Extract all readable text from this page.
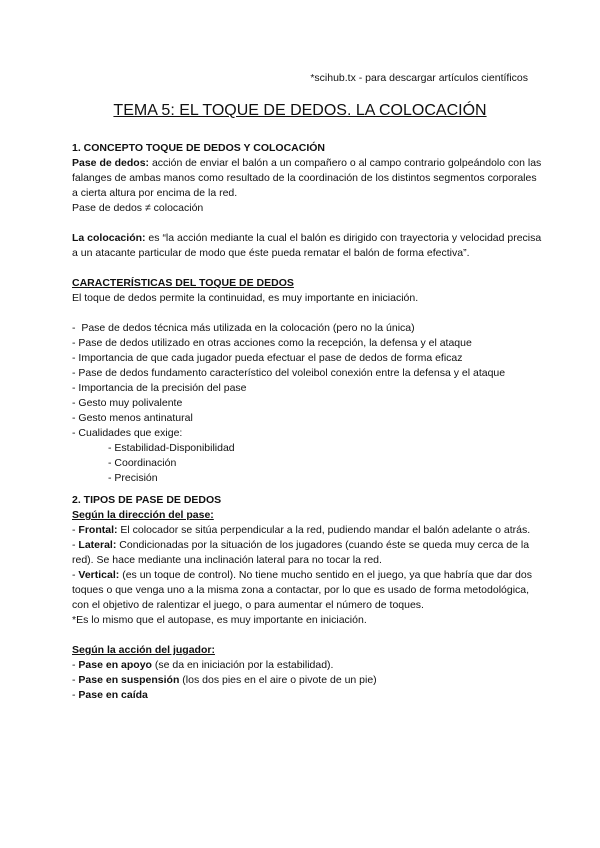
*scihub.tx - para descargar artículos científicos
TEMA 5: EL TOQUE DE DEDOS. LA COLOCACIÓN
1. CONCEPTO TOQUE DE DEDOS Y COLOCACIÓN
Pase de dedos: acción de enviar el balón a un compañero o al campo contrario golpeándolo con las falanges de ambas manos como resultado de la coordinación de los distintos segmentos corporales a cierta altura por encima de la red.
Pase de dedos ≠ colocación
La colocación: es “la acción mediante la cual el balón es dirigido con trayectoria y velocidad precisa a un atacante particular de modo que éste pueda rematar el balón de forma efectiva”.
CARACTERÍSTICAS DEL TOQUE DE DEDOS
El toque de dedos permite la continuidad, es muy importante en iniciación.
-  Pase de dedos técnica más utilizada en la colocación (pero no la única)
- Pase de dedos utilizado en otras acciones como la recepción, la defensa y el ataque
- Importancia de que cada jugador pueda efectuar el pase de dedos de forma eficaz
- Pase de dedos fundamento característico del voleibol conexión entre la defensa y el ataque
- Importancia de la precisión del pase
- Gesto muy polivalente
- Gesto menos antinatural
- Cualidades que exige:
- Estabilidad-Disponibilidad
- Coordinación
- Precisión
2. TIPOS DE PASE DE DEDOS
Según la dirección del pase:
- Frontal: El colocador se sitúa perpendicular a la red, pudiendo mandar el balón adelante o atrás.
- Lateral: Condicionadas por la situación de los jugadores (cuando éste se queda muy cerca de la red). Se hace mediante una inclinación lateral para no tocar la red.
- Vertical: (es un toque de control). No tiene mucho sentido en el juego, ya que habría que dar dos toques o que venga uno a la misma zona a contactar, por lo que es usado de forma metodológica, con el objetivo de ralentizar el juego, o para aumentar el número de toques.
*Es lo mismo que el autopase, es muy importante en iniciación.
Según la acción del jugador:
- Pase en apoyo (se da en iniciación por la estabilidad).
- Pase en suspensión (los dos pies en el aire o pivote de un pie)
- Pase en caída
